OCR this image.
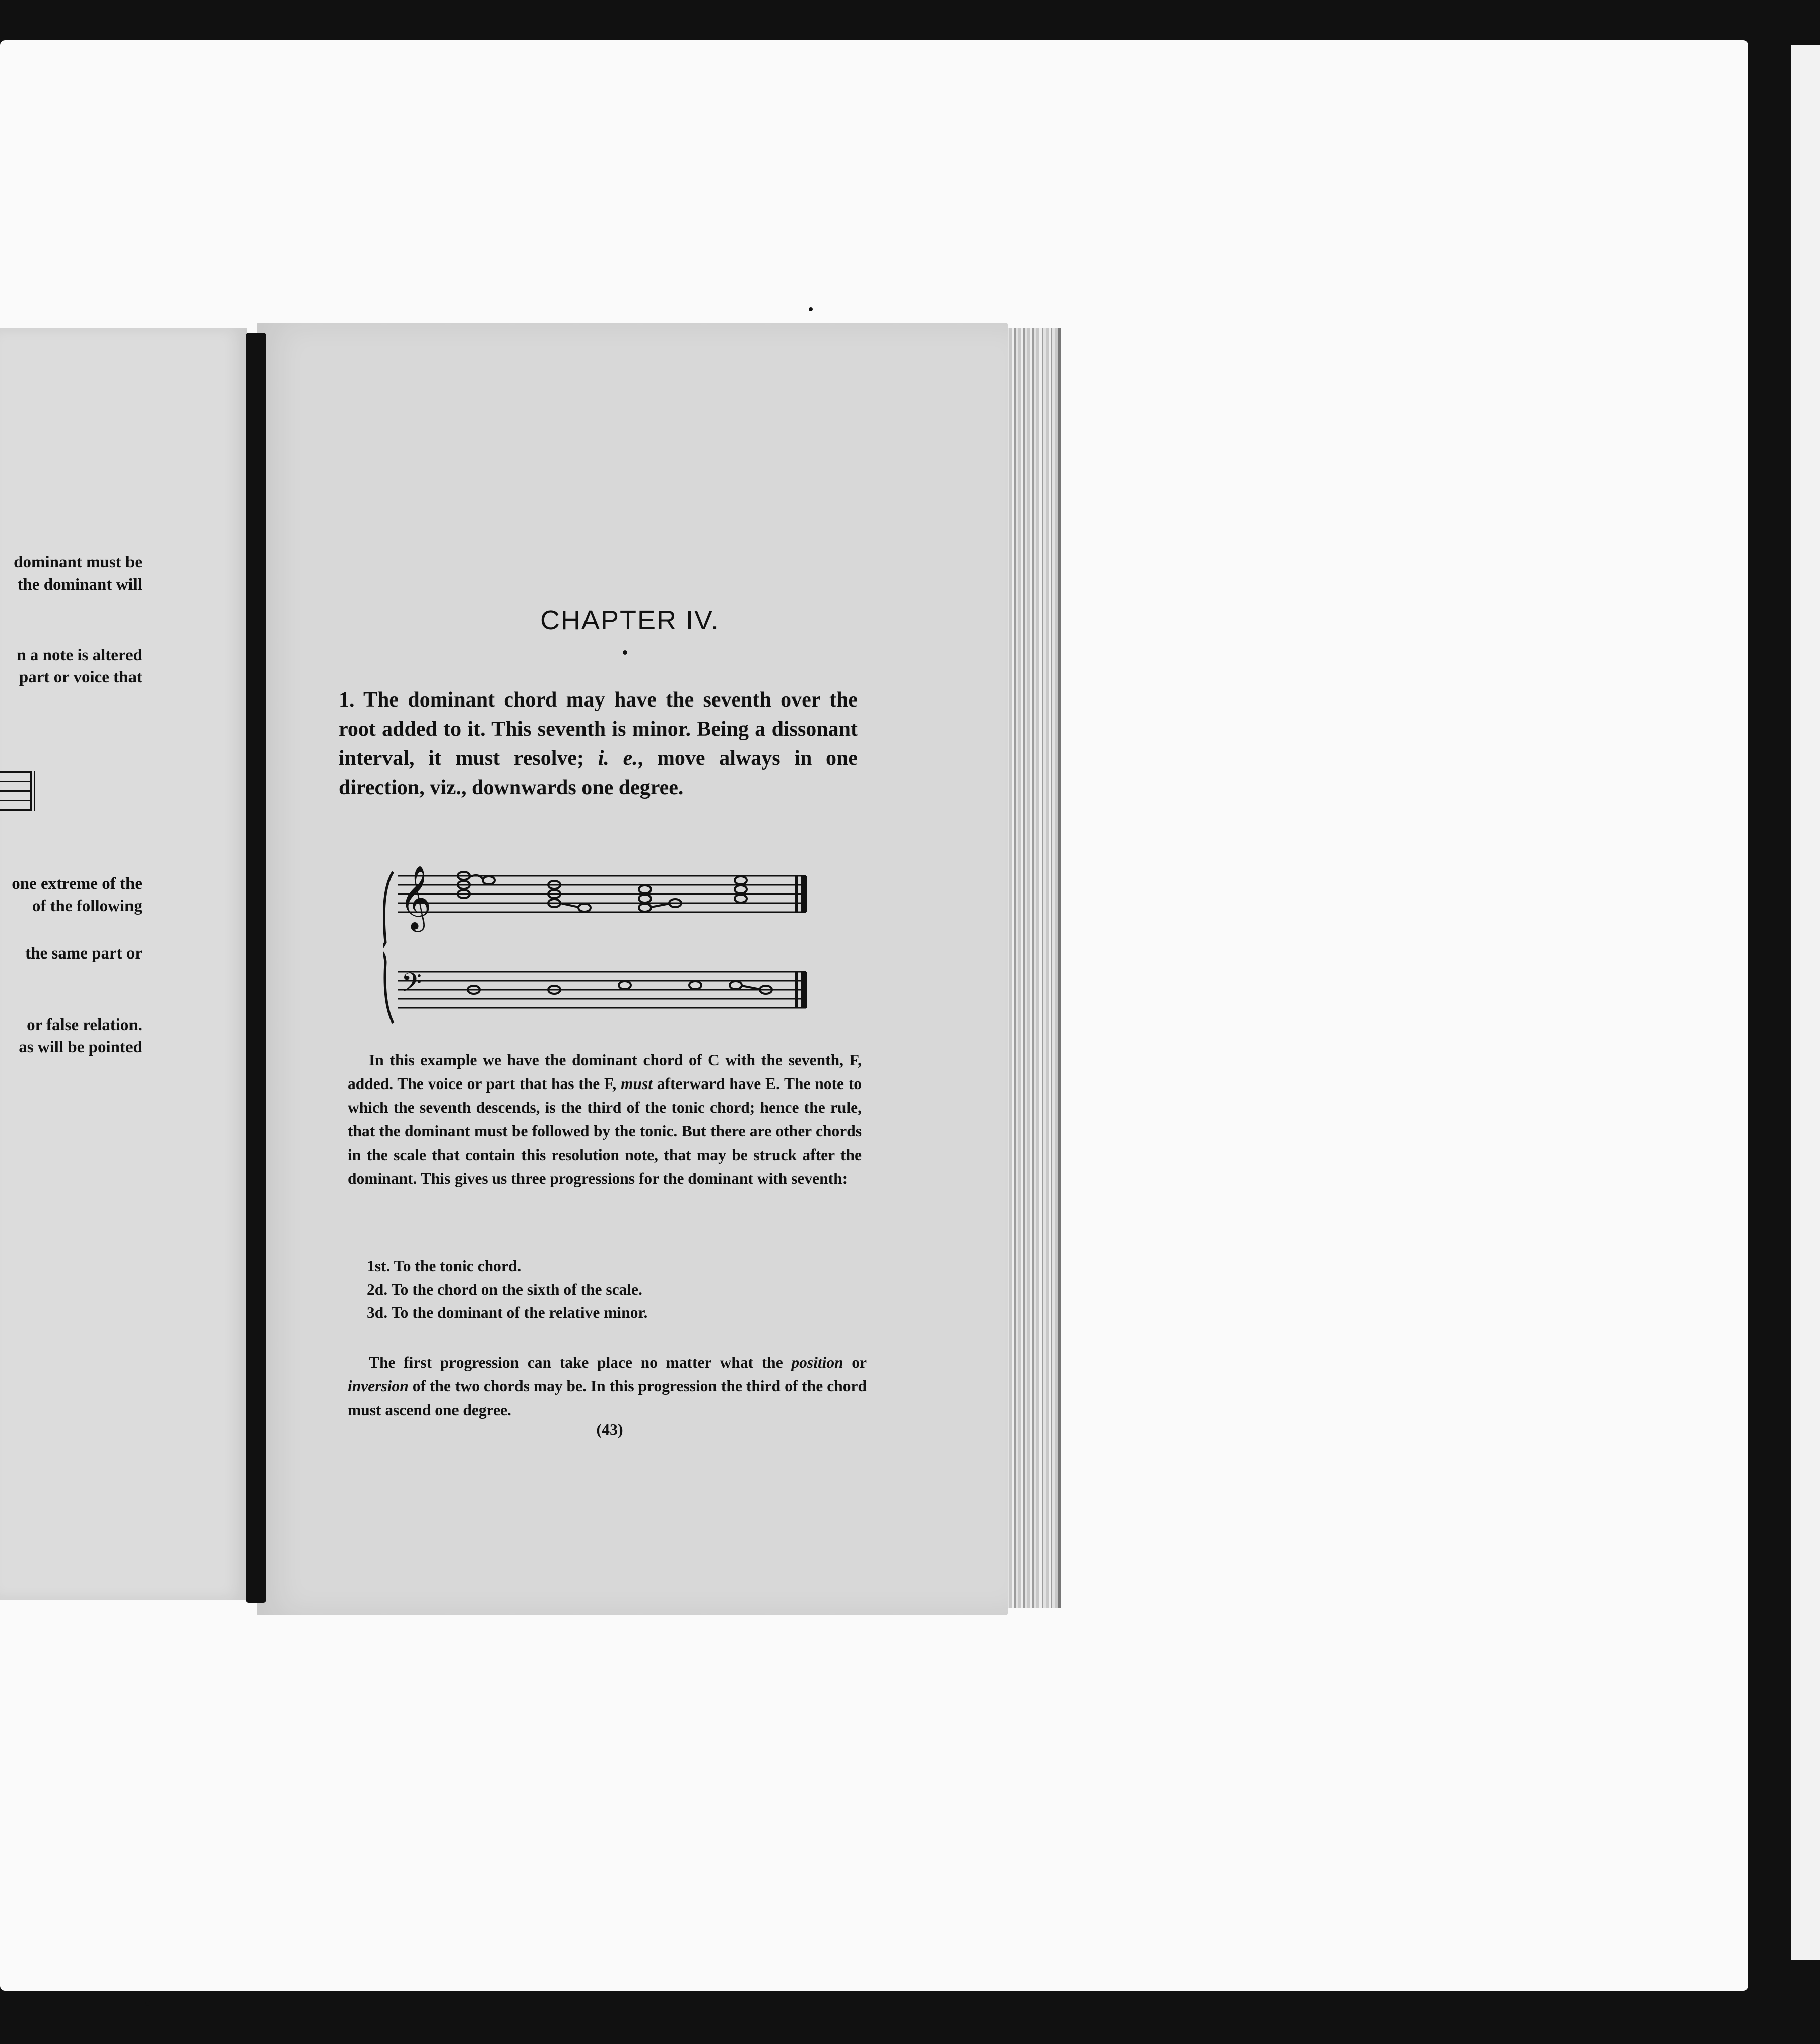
dominant must be
the dominant will
n a note is altered
part or voice that
one extreme of the
of the following
the same part or
or false relation.
as will be pointed
CHAPTER IV.
1. The dominant chord may have the seventh over the root added to it. This seventh is minor. Being a dissonant interval, it must resolve; i. e., move always in one direction, viz., downwards one degree.
𝄞
𝄢
In this example we have the dominant chord of C with the seventh, F, added. The voice or part that has the F, must afterward have E. The note to which the seventh descends, is the third of the tonic chord; hence the rule, that the dominant must be followed by the tonic. But there are other chords in the scale that contain this resolution note, that may be struck after the dominant. This gives us three progressions for the dominant with seventh:
1st. To the tonic chord.
2d. To the chord on the sixth of the scale.
3d. To the dominant of the relative minor.
The first progression can take place no matter what the position or inversion of the two chords may be. In this progression the third of the chord must ascend one degree.
(43)
